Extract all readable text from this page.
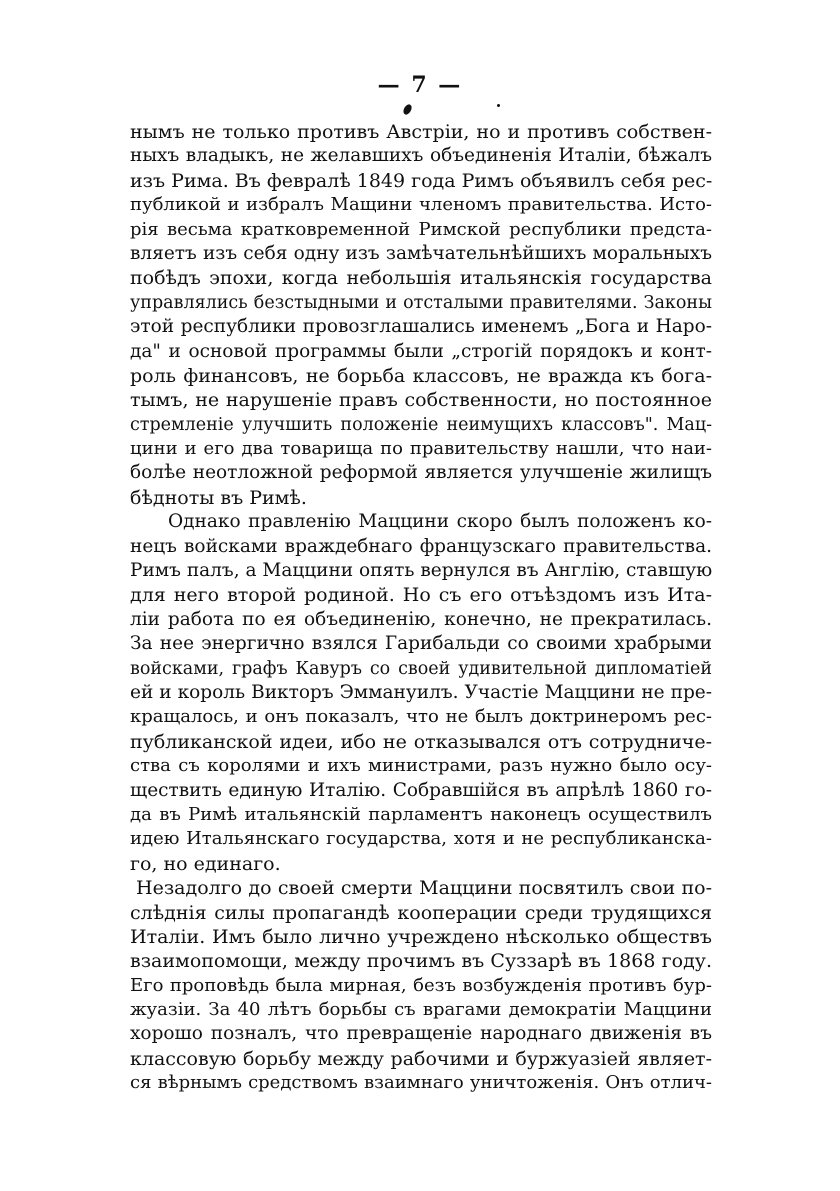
— 7 —
нымъ не только противъ Австріи, но и противъ собствен-
ныхъ владыкъ, не желавшихъ объединенія Италіи, бѣжалъ
изъ Рима. Въ февралѣ 1849 года Римъ объявилъ себя рес-
публикой и избралъ Мащини членомъ правительства. Исто-
рія весьма кратковременной Римской республики предста-
вляетъ изъ себя одну изъ замѣчательнѣйшихъ моральныхъ
побѣдъ эпохи, когда небольшія итальянскія государства
управлялись безстыдными и отсталыми правителями. Законы
этой республики провозглашались именемъ „Бога и Наро-
да" и основой программы были „строгій порядокъ и конт-
роль финансовъ, не борьба классовъ, не вражда къ бога-
тымъ, не нарушеніе правъ собственности, но постоянное
стремленіе улучшить положеніе неимущихъ классовъ". Мац-
цини и его два товарища по правительству нашли, что наи-
болѣе неотложной реформой является улучшеніе жилищъ
бѣдноты въ Римѣ.
Однако правленію Маццини скоро былъ положенъ ко-
нецъ войсками враждебнаго французскаго правительства.
Римъ палъ, а Маццини опять вернулся въ Англію, ставшую
для него второй родиной. Но съ его отъѣздомъ изъ Ита-
ліи работа по ея объединенію, конечно, не прекратилась.
За нее энергично взялся Гарибальди со своими храбрыми
войсками, графъ Кавуръ со своей удивительной дипломатіей
ей и король Викторъ Эммануилъ. Участіе Маццини не пре-
кращалось, и онъ показалъ, что не былъ доктринеромъ рес-
публиканской идеи, ибо не отказывался отъ сотрудниче-
ства съ королями и ихъ министрами, разъ нужно было осу-
ществить единую Италію. Собравшійся въ апрѣлѣ 1860 го-
да въ Римѣ итальянскій парламентъ наконецъ осуществилъ
идею Итальянскаго государства, хотя и не республиканска-
го, но единаго.
Незадолго до своей смерти Маццини посвятилъ свои по-
слѣднія силы пропагандѣ кооперации среди трудящихся
Италіи. Имъ было лично учреждено нѣсколько обществъ
взаимопомощи, между прочимъ въ Суззарѣ въ 1868 году.
Его проповѣдь была мирная, безъ возбужденія противъ бур-
жуазіи. За 40 лѣтъ борьбы съ врагами демократіи Маццини
хорошо позналъ, что превращеніе народнаго движенія въ
классовую борьбу между рабочими и буржуазіей являет-
ся вѣрнымъ средствомъ взаимнаго уничтоженія. Онъ отлич-
